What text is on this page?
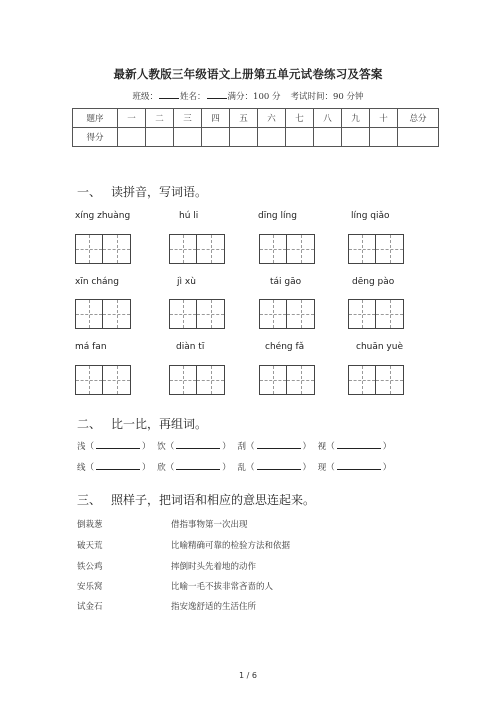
最新人教版三年级语文上册第五单元试卷练习及答案
班级：	姓名：	满分：100 分 考试时间：90 分钟
题序	一	二	三	四	五	六	七	八	九	十	总分
得分											
一、 读拼音，写词语。
xíng zhuàng	hú li	dīng líng	líng qiǎo
xīn cháng	jì xù	tái gāo	dēng pào
má fan	diàn tī	chéng fǎ	chuān yuè
二、 比一比，再组词。
浅（	） 饮（	） 刮（	） 视（	）
线（	） 欣（	） 乱（	） 现（	）
三、 照样子，把词语和相应的意思连起来。
倒栽葱	借指事物第一次出现
破天荒	比喻精确可靠的检验方法和依据
铁公鸡	摔倒时头先着地的动作
安乐窝	比喻一毛不拔非常吝啬的人
试金石	指安逸舒适的生活住所
1 / 6
